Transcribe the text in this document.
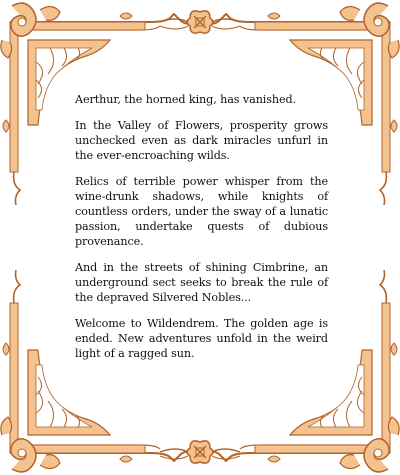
Aerthur, the horned king, has vanished.

In the Valley of Flowers, prosperity grows unchecked even as dark miracles unfurl in the ever-encroaching wilds.

Relics of terrible power whisper from the wine-drunk shadows, while knights of countless orders, under the sway of a lunatic passion, undertake quests of dubious provenance.

And in the streets of shining Cimbrine, an underground sect seeks to break the rule of the depraved Silvered Nobles...

Welcome to Wildendrem. The golden age is ended. New adventures unfold in the weird light of a ragged sun.
